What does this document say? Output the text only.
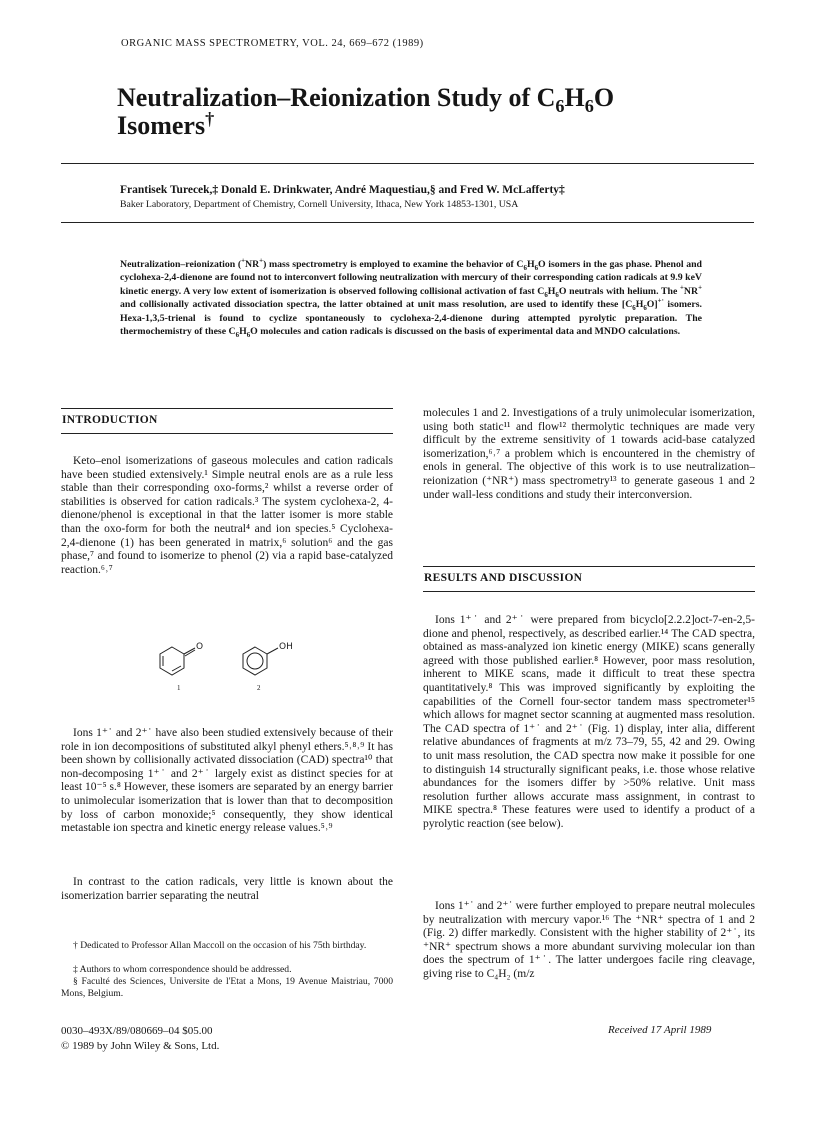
ORGANIC MASS SPECTROMETRY, VOL. 24, 669–672 (1989)
Neutralization–Reionization Study of $C_6H_6O$
Isomers†
Frantisek Turecek,‡ Donald E. Drinkwater, André Maquestiau,§ and Fred W. McLafferty‡
Baker Laboratory, Department of Chemistry, Cornell University, Ithaca, New York 14853-1301, USA

Neutralization–reionization (+NR+) mass spectrometry is employed to examine the behavior of $C_6H_6O$ isomers in the gas phase. Phenol and cyclohexa-2,4-dienone are found not to interconvert following neutralization with mercury of their corresponding cation radicals at 9.9 keV kinetic energy. A very low extent of isomerization is observed following collisional activation of fast $C_6H_6O$ neutrals with helium. The +NR+ and collisionally activated dissociation spectra, the latter obtained at unit mass resolution, are used to identify these $[C_6H_6O]^{+\cdot}$ isomers. Hexa-1,3,5-trienal is found to cyclize spontaneously to cyclohexa-2,4-dienone during attempted pyrolytic preparation. The thermochemistry of these $C_6H_6O$ molecules and cation radicals is discussed on the basis of experimental data and MNDO calculations.

INTRODUCTION

Keto–enol isomerizations of gaseous molecules and cation radicals have been studied extensively.¹ Simple neutral enols are as a rule less stable than their corresponding oxo-forms,² whilst a reverse order of stabilities is observed for cation radicals.³ The system cyclohexa-2, 4-dienone/phenol is exceptional in that the latter isomer is more stable than the oxo-form for both the neutral⁴ and ion species.⁵ Cyclohexa-2,4-dienone (1) has been generated in matrix,⁶ solution⁶ and the gas phase,⁷ and found to isomerize to phenol (2) via a rapid base-catalyzed reaction.⁶˒⁷

O	OH
1	2

Ions 1⁺˙ and 2⁺˙ have also been studied extensively because of their role in ion decompositions of substituted alkyl phenyl ethers.⁵˒⁸˒⁹ It has been shown by collisionally activated dissociation (CAD) spectra¹⁰ that non-decomposing 1⁺˙ and 2⁺˙ largely exist as distinct species for at least 10⁻⁵ s.⁸ However, these isomers are separated by an energy barrier to unimolecular isomerization that is lower than that to decomposition by loss of carbon monoxide;⁵ consequently, they show identical metastable ion spectra and kinetic energy release values.⁵˒⁹

In contrast to the cation radicals, very little is known about the isomerization barrier separating the neutral

† Dedicated to Professor Allan Maccoll on the occasion of his 75th birthday.

‡ Authors to whom correspondence should be addressed.

§ Faculté des Sciences, Universite de l'Etat a Mons, 19 Avenue Maistriau, 7000 Mons, Belgium.

molecules 1 and 2. Investigations of a truly unimolecular isomerization, using both static¹¹ and flow¹² thermolytic techniques are made very difficult by the extreme sensitivity of 1 towards acid-base catalyzed isomerization,⁶˒⁷ a problem which is encountered in the chemistry of enols in general. The objective of this work is to use neutralization–reionization (⁺NR⁺) mass spectrometry¹³ to generate gaseous 1 and 2 under wall-less conditions and study their interconversion.

RESULTS AND DISCUSSION

Ions 1⁺˙ and 2⁺˙ were prepared from bicyclo[2.2.2]oct-7-en-2,5-dione and phenol, respectively, as described earlier.¹⁴ The CAD spectra, obtained as mass-analyzed ion kinetic energy (MIKE) scans generally agreed with those published earlier.⁸ However, poor mass resolution, inherent to MIKE scans, made it difficult to treat these spectra quantitatively.⁸ This was improved significantly by exploiting the capabilities of the Cornell four-sector tandem mass spectrometer¹⁵ which allows for magnet sector scanning at augmented mass resolution. The CAD spectra of 1⁺˙ and 2⁺˙ (Fig. 1) display, inter alia, different relative abundances of fragments at m/z 73–79, 55, 42 and 29. Owing to unit mass resolution, the CAD spectra now make it possible for one to distinguish 14 structurally significant peaks, i.e. those whose relative abundances for the isomers differ by >50% relative. Unit mass resolution further allows accurate mass assignment, in contrast to MIKE spectra.⁸ These features were used to identify a product of a pyrolytic reaction (see below).

Ions 1⁺˙ and 2⁺˙ were further employed to prepare neutral molecules by neutralization with mercury vapor.¹⁶ The ⁺NR⁺ spectra of 1 and 2 (Fig. 2) differ markedly. Consistent with the higher stability of 2⁺˙, its ⁺NR⁺ spectrum shows a more abundant surviving molecular ion than does the spectrum of 1⁺˙. The latter undergoes facile ring cleavage, giving rise to C₄H₂ (m/z

0030–493X/89/080669–04 $05.00
© 1989 by John Wiley & Sons, Ltd.
Received 17 April 1989
